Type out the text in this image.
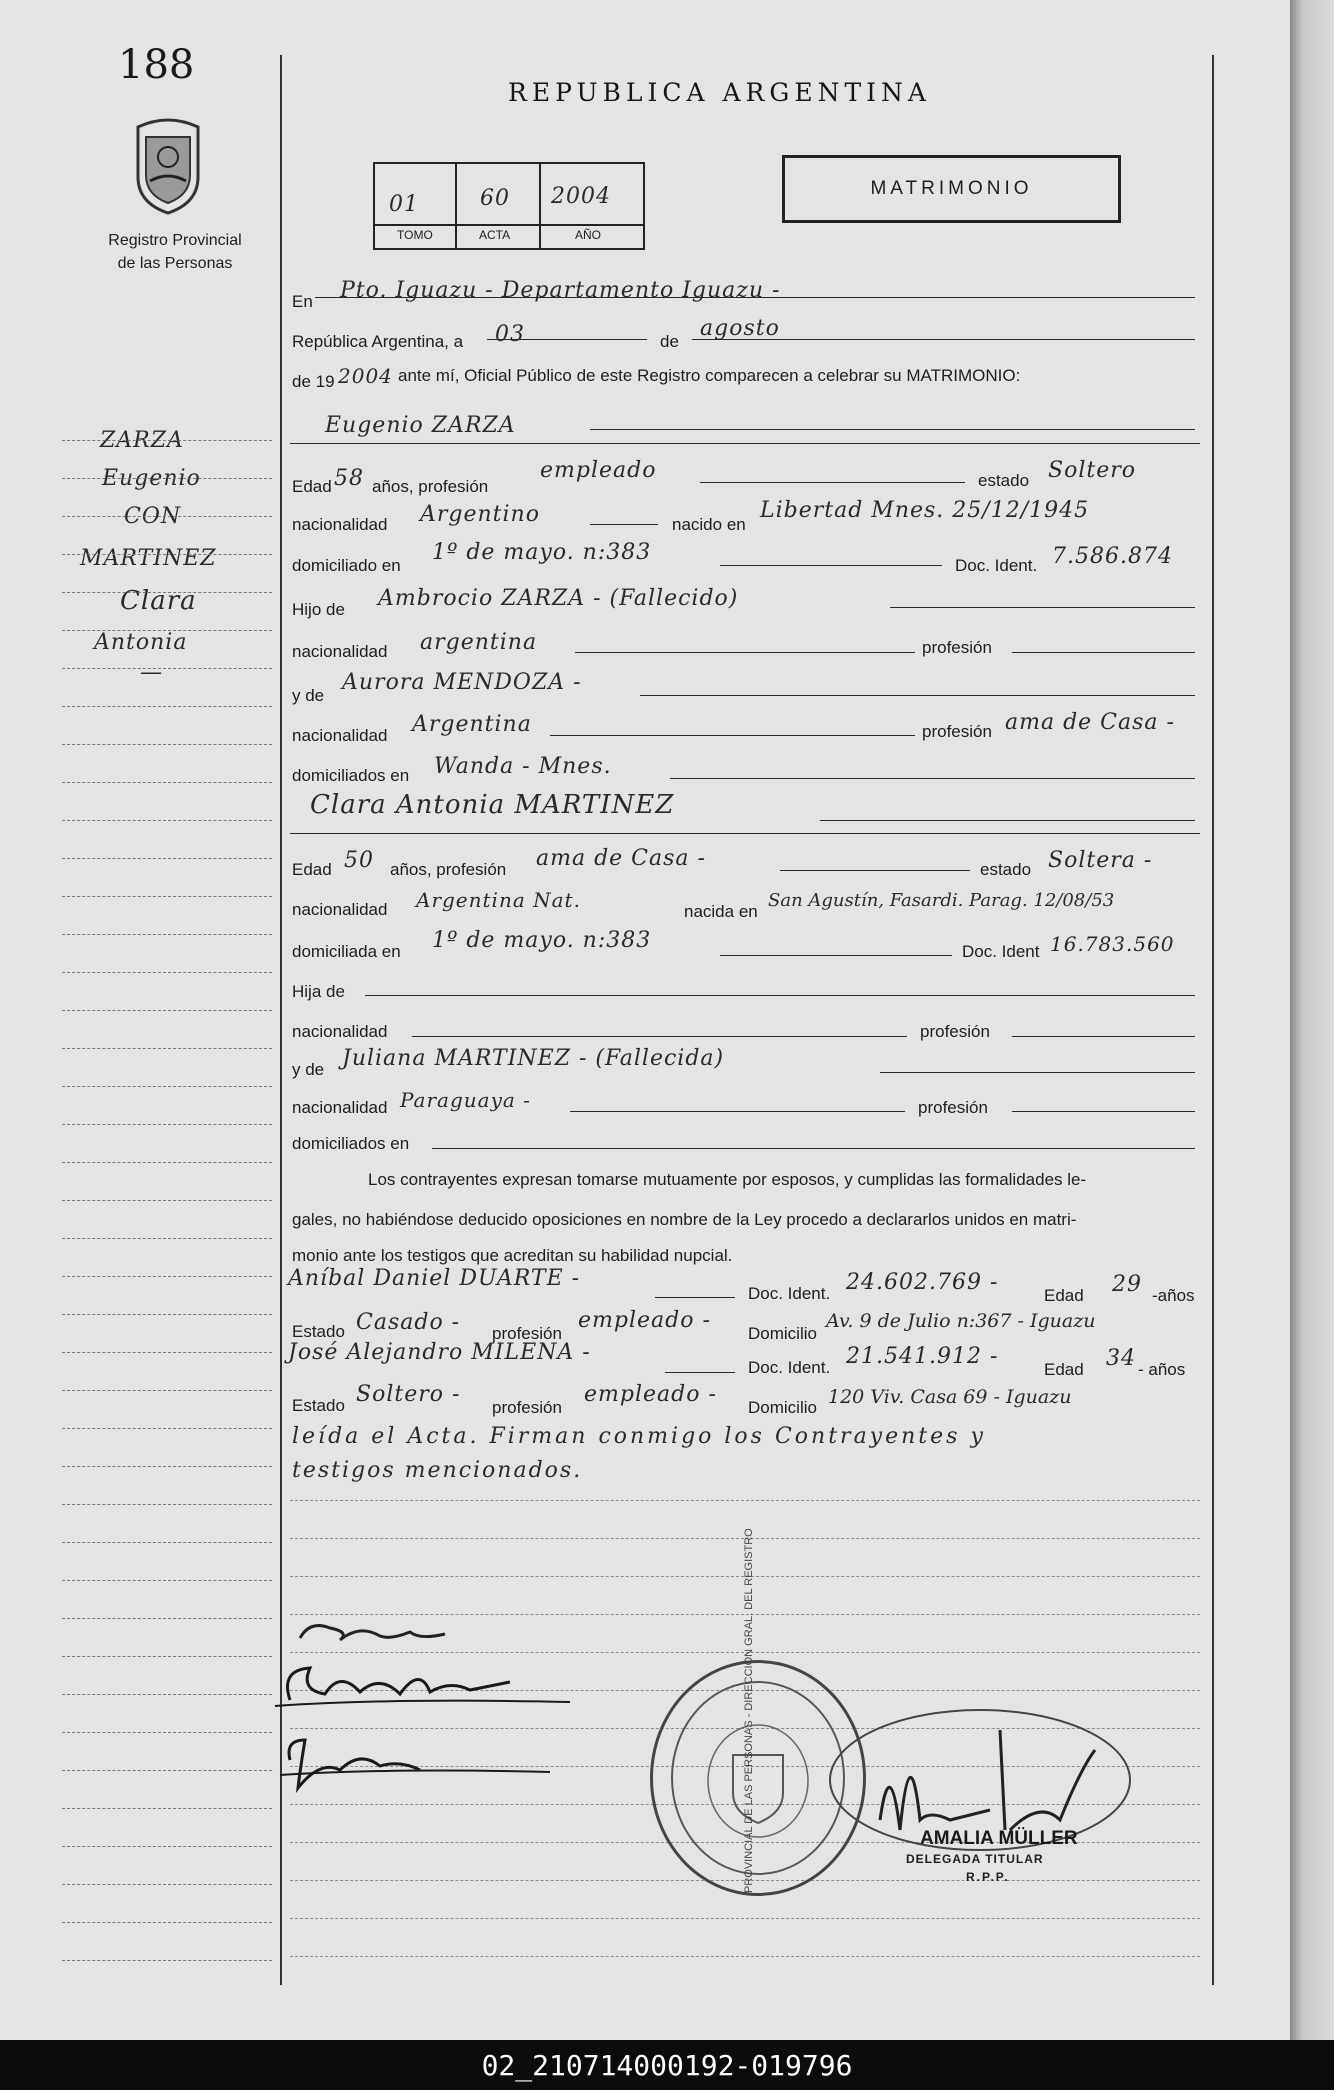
188
Registro Provincial
de las Personas
ZARZA
Eugenio
CON
MARTINEZ
Clara
Antonia
—
REPUBLICA ARGENTINA
01	60 2004
TOMO	ACTA	AÑO
MATRIMONIO
En Pto. Iguazu - Departamento Iguazu -
República Argentina, a 03	de
agosto
de 19 2004 ante mí, Oficial Público de este Registro comparecen a celebrar su MATRIMONIO:
Eugenio ZARZA
Edad 58 años, profesión
empleado	estado Soltero
nacionalidad Argentino	nacido en
Libertad Mnes. 25/12/1945
domiciliado en
1º de mayo. n:383
Doc. Ident. 7.586.874
Hijo de Ambrocio ZARZA - (Fallecido)
nacionalidad argentina	profesión
y de
Aurora MENDOZA -
nacionalidad Argentina	profesión ama de Casa -
domiciliados en Wanda - Mnes.
Clara Antonia MARTINEZ
Edad 50 años, profesión ama de Casa -	estado Soltera -
nacionalidad Argentina Nat.	nacida en
San Agustín, Fasardi. Parag. 12/08/53
domiciliada en 1º de mayo. n:383	Doc. Ident 16.783.560
Hija de
nacionalidad	profesión
y de Juliana MARTINEZ - (Fallecida)
nacionalidad Paraguaya -	profesión
domiciliados en
Los contrayentes expresan tomarse mutuamente por esposos, y cumplidas las formalidades le-
gales, no habiéndose deducido oposiciones en nombre de la Ley procedo a declararlos unidos en matri-
monio ante los testigos que acreditan su habilidad nupcial.
Aníbal Daniel DUARTE -
Doc. Ident. 24.602.769 -
Edad 29 -años
Estado Casado - profesión
empleado -
Domicilio
Av. 9 de Julio n:367 - Iguazu
José Alejandro MILENA -
Doc. Ident. 21.541.912 -
Edad 34 - años
Estado Soltero -
profesión
empleado -
Domicilio 120 Viv. Casa 69 - Iguazu
leída el Acta. Firman conmigo los Contrayentes y
testigos mencionados.
PROVINCIAL DE LAS PERSONAS - DIRECCION GRAL. DEL REGISTRO	AMALIA MÜLLER
DELEGADA TITULAR
R.P.P.
02_210714000192-019796
